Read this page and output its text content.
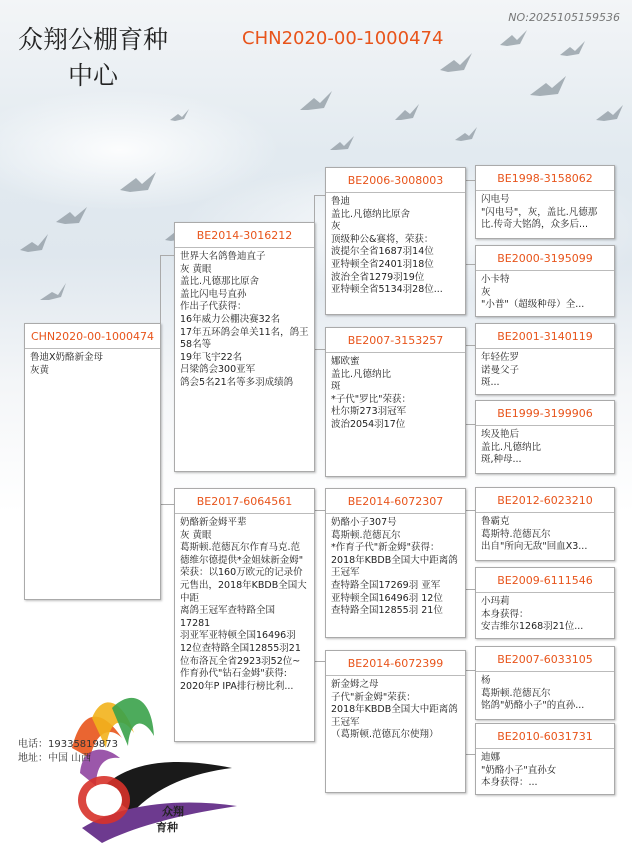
众翔公棚育种中心
CHN2020-00-1000474
NO:2025105159536
CHN2020-00-1000474
鲁迪X奶酪新金母
灰黄
BE2014-3016212
世界大名鸽鲁迪直子
灰 黄眼
盖比.凡德那比原舍
盖比闪电号直孙
作出子代获得：
16年威力公棚决赛32名
17年五环鸽会单关11名，鸽王58名等
19年飞宇22名
吕梁鸽会300亚军
鸽会5名21名等多羽成绩鸽
BE2017-6064561
奶酪新金姆平辈
灰 黄眼
葛斯顿.范德瓦尔作育马克.范德维尔德提供*金姐妹新金姆"
荣获：以160万欧元的记录价
元售出，2018年KBDB全国大中距
离鸽王冠军查特路全国
17281
羽亚军亚特顿全国16496羽
12位查特路全国12855羽21
位布洛瓦全省2923羽52位~
作育孙代"钻石金姆"获得:
2020年P IPA排行榜比利...
BE2006-3008003
鲁迪
盖比.凡德纳比原舍
灰
顶级种公&赛将，荣获：
波提尔全省1687羽14位
亚特顿全省2401羽18位
波治全省1279羽19位
亚特顿全省5134羽28位...
BE2007-3153257
娜欧蜜
盖比.凡德纳比
斑
*子代"罗比"荣获：
杜尔斯273羽冠军
波治2054羽17位
BE2014-6072307
奶酪小子307号
葛斯顿.范德瓦尔
*作育子代"新金姆"获得：2018年KBDB全国大中距离鸽王冠军
查特路全国17269羽 亚军
亚特顿全国16496羽 12位
查特路全国12855羽 21位
BE2014-6072399
新金姆之母
子代"新金姆"荣获：
2018年KBDB全国大中距离鸽王冠军
（葛斯顿.范德瓦尔使翔）
BE1998-3158062
闪电号
"闪电号"，灰，盖比.凡德那比.传奇大铭鸽，众多后...
BE2000-3195099
小卡特
灰
"小普"（超级种母）全...
BE2001-3140119
年轻佐罗
诺曼父子
斑...
BE1999-3199906
埃及艳后
盖比.凡德纳比
斑,种母...
BE2012-6023210
鲁霸克
葛斯特.范德瓦尔
出自"所向无敌"回血X3...
BE2009-6111546
小玛莉
本身获得：
安吉维尔1268羽21位...
BE2007-6033105
杨
葛斯顿.范德瓦尔
铭鸽"奶酪小子"的直孙...
BE2010-6031731
迪娜
"奶酪小子"直孙女
本身获得：...
众翔
育种
电话：19335819873
地址：中国 山西
